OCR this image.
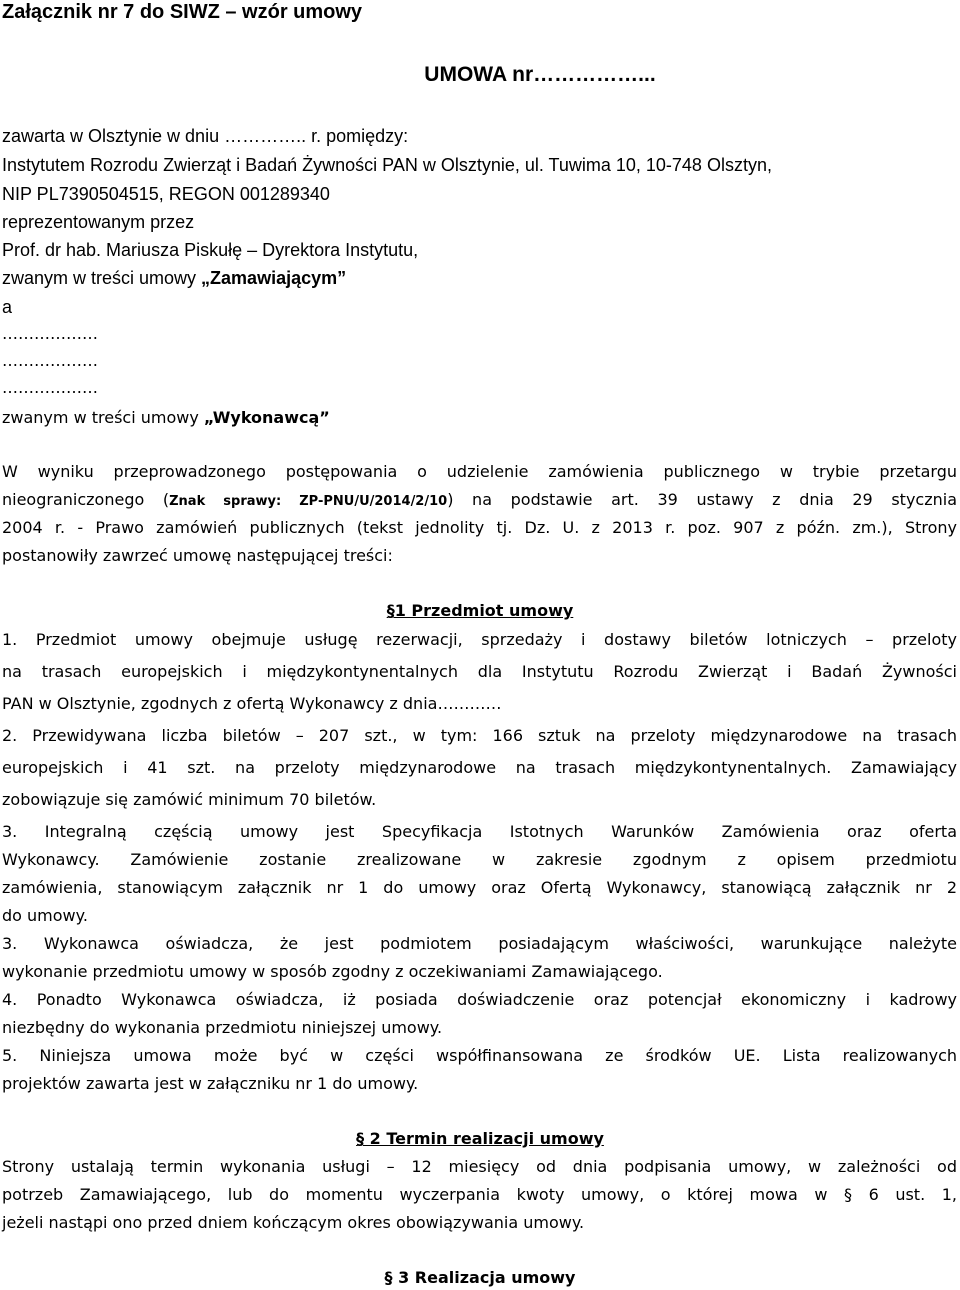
Załącznik nr 7 do SIWZ – wzór umowy
UMOWA nr……………...
zawarta w Olsztynie w dniu ………….. r. pomiędzy:
Instytutem Rozrodu Zwierząt i Badań Żywności PAN w Olsztynie, ul. Tuwima 10, 10-748 Olsztyn,
NIP PL7390504515, REGON 001289340
reprezentowanym przez
Prof. dr hab. Mariusza Piskułę – Dyrektora Instytutu,
zwanym w treści umowy „Zamawiającym”
a
………………
………………
………………
zwanym w treści umowy „Wykonawcą”
W wyniku przeprowadzonego postępowania o udzielenie zamówienia publicznego w trybie przetargu
nieograniczonego (Znak sprawy: ZP-PNU/U/2014/2/10) na podstawie art. 39 ustawy z dnia 29 stycznia
2004 r. - Prawo zamówień publicznych (tekst jednolity tj. Dz. U. z 2013 r. poz. 907 z późn. zm.), Strony
postanowiły zawrzeć umowę następującej treści:
§1 Przedmiot umowy
1. Przedmiot umowy obejmuje usługę rezerwacji, sprzedaży i dostawy biletów lotniczych – przeloty
na trasach europejskich i międzykontynentalnych dla Instytutu Rozrodu Zwierząt i Badań Żywności
PAN w Olsztynie, zgodnych z ofertą Wykonawcy z dnia…………
2. Przewidywana liczba biletów – 207 szt., w tym: 166 sztuk na przeloty międzynarodowe na trasach
europejskich i 41 szt. na przeloty międzynarodowe na trasach międzykontynentalnych. Zamawiający
zobowiązuje się zamówić minimum 70 biletów.
3. Integralną częścią umowy jest Specyfikacja Istotnych Warunków Zamówienia oraz oferta
Wykonawcy. Zamówienie zostanie zrealizowane w zakresie zgodnym z opisem przedmiotu
zamówienia, stanowiącym załącznik nr 1 do umowy oraz Ofertą Wykonawcy, stanowiącą załącznik nr 2
do umowy.
3. Wykonawca oświadcza, że jest podmiotem posiadającym właściwości, warunkujące należyte
wykonanie przedmiotu umowy w sposób zgodny z oczekiwaniami Zamawiającego.
4. Ponadto Wykonawca oświadcza, iż posiada doświadczenie oraz potencjał ekonomiczny i kadrowy
niezbędny do wykonania przedmiotu niniejszej umowy.
5. Niniejsza umowa może być w części współfinansowana ze środków UE. Lista realizowanych
projektów zawarta jest w załączniku nr 1 do umowy.
§ 2 Termin realizacji umowy
Strony ustalają termin wykonania usługi – 12 miesięcy od dnia podpisania umowy, w zależności od
potrzeb Zamawiającego, lub do momentu wyczerpania kwoty umowy, o której mowa w § 6 ust. 1,
jeżeli nastąpi ono przed dniem kończącym okres obowiązywania umowy.
§ 3 Realizacja umowy
